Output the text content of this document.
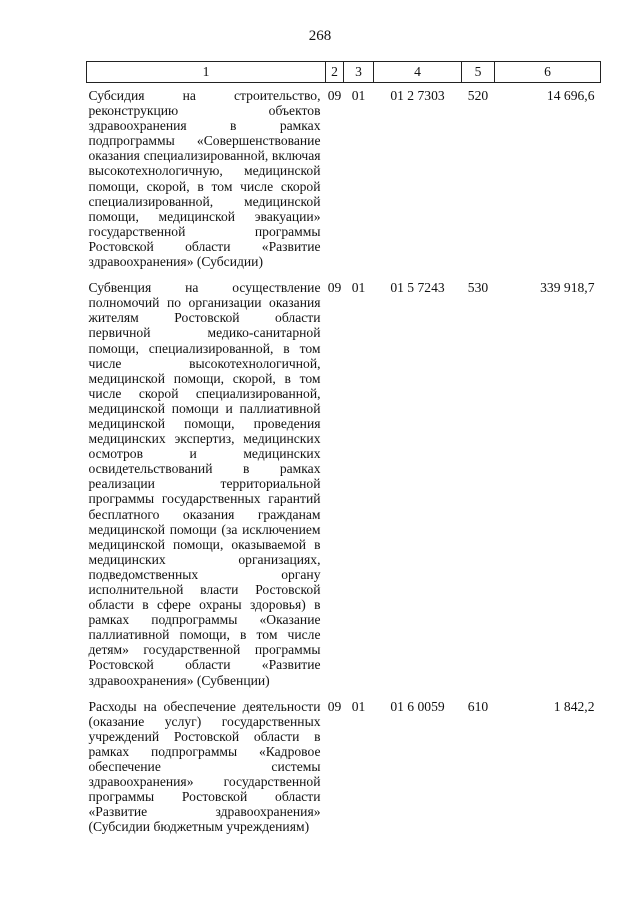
268
1	2	3	4	5	6
Субсидия на строительство, реконструкцию объектов здравоохранения в рамках подпрограммы «Совершенствование оказания специализированной, включая высокотехнологичную, медицинской помощи, скорой, в том числе скорой специализированной, медицинской помощи, медицинской эвакуации» государственной программы Ростовской области «Развитие здравоохранения» (Субсидии)	09	01	01 2 7303	520	14 696,6
Субвенция на осуществление полномочий по организации оказания жителям Ростовской области первичной медико-санитарной помощи, специализированной, в том числе высокотехнологичной, медицинской помощи, скорой, в том числе скорой специализированной, медицинской помощи и паллиативной медицинской помощи, проведения медицинских экспертиз, медицинских осмотров и медицинских освидетельствований в рамках реализации территориальной программы государственных гарантий бесплатного оказания гражданам медицинской помощи (за исключением медицинской помощи, оказываемой в медицинских организациях, подведомственных органу исполнительной власти Ростовской области в сфере охраны здоровья) в рамках подпрограммы «Оказание паллиативной помощи, в том числе детям» государственной программы Ростовской области «Развитие здравоохранения» (Субвенции)	09	01	01 5 7243	530	339 918,7
Расходы на обеспечение деятельности (оказание услуг) государственных учреждений Ростовской области в рамках подпрограммы «Кадровое обеспечение системы здравоохранения» государственной программы Ростовской области «Развитие здравоохранения» (Субсидии бюджетным учреждениям)	09	01	01 6 0059	610	1 842,2
